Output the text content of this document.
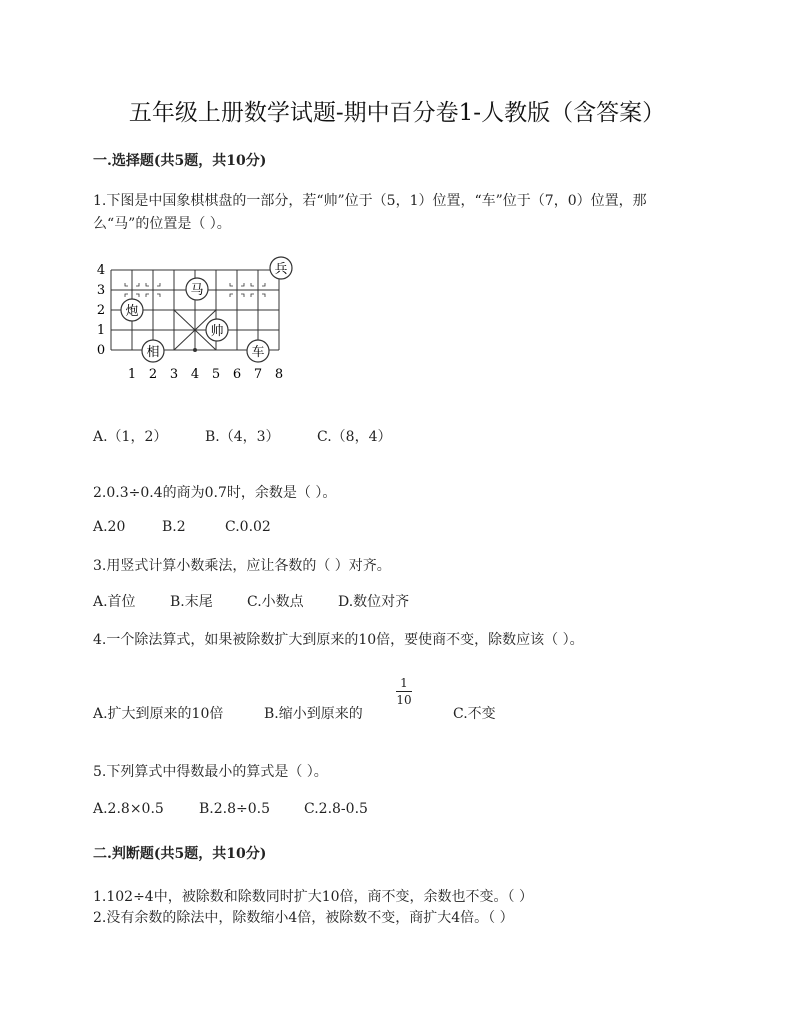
五年级上册数学试题-期中百分卷1-人教版（含答案）
一.选择题(共5题，共10分)
1.下图是中国象棋棋盘的一部分，若“帅”位于（5，1）位置，“车”位于（7，0）位置，那
么“马”的位置是（ ）。
4
3
2
1
0
1 2 3 4 5 6 7 8
兵
马
炮
帅
相	车
A.（1，2）	B.（4，3）	C.（8，4）
2.0.3÷0.4的商为0.7时，余数是（ ）。
A.20	B.2	C.0.02
3.用竖式计算小数乘法，应让各数的（ ）对齐。
A.首位 B.末尾 C.小数点 D.数位对齐
4.一个除法算式，如果被除数扩大到原来的10倍，要使商不变，除数应该（ ）。
A.扩大到原来的10倍	B.缩小到原来的
1
10
C.不变
5.下列算式中得数最小的算式是（ ）。
A.2.8×0.5	B.2.8÷0.5 C.2.8-0.5
二.判断题(共5题，共10分)
1.102÷4中，被除数和除数同时扩大10倍，商不变，余数也不变。（ ）
2.没有余数的除法中，除数缩小4倍，被除数不变，商扩大4倍。（ ）
